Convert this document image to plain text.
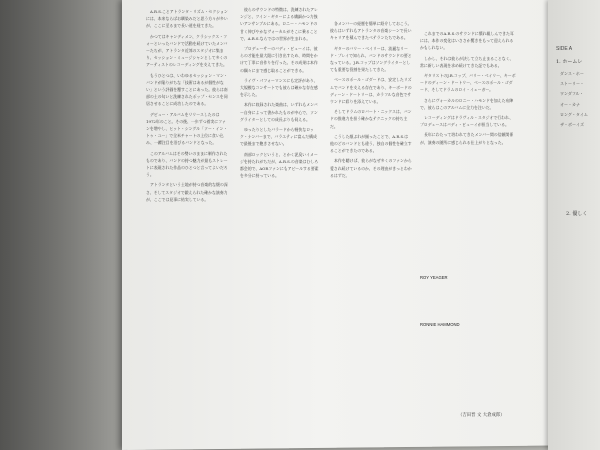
A.R.S.ことアトランタ・リズム・セクションには、本来ならばお馴染みだと思う方々が多いが、ここに至るまで長い道を経てきた。

かつてはキャンディメン、クラシックス・フォーといったバンドで活動を続けていたメンバーたちが、アトランタ近郊のスタジオに集まり、セッション・ミュージシャンとして多くのアーティストのレコーディングを支えてきた。

もうひとつは、いわゆるセッション・マン・バンドが陥りがちな「技術はあるが個性がない」という評価を覆すことにあった。彼らは南部の土の匂いと洗練されたポップ・センスを同居させることに成功したのである。

デビュー・アルバムをリリースしたのは1972年のこと。その後、一歩ずつ着実にファンを増やし、ヒット・シングル「ソー・イン・トゥ・ユー」で全米チャートの上位に食い込み、一躍注目を浴びるバンドとなった。

このアルバムはその勢いのままに制作されたものであり、バンドの持つ魅力が最もストレートに表現された作品のひとつと言ってよいだろう。

アトランタという土地が持つ音楽的な懐の深さ、そしてスタジオで鍛えられた確かな演奏力が、ここでは見事に結実している。

彼らのサウンドの特徴は、洗練されたアレンジと、ツイン・ギターによる繊細かつ力強いアンサンブルにある。ロニー・ハモンドの甘く伸びやかなヴォーカルがそこに乗ることで、A.R.S.ならではの世界が生まれる。

プロデューサーのバディ・ビューイは、彼らの才能を最大限に引き出すため、時間をかけて丁寧に音作りを行った。その成果は本作の隅々にまで感じ取ることができる。

ライヴ・パフォーマンスにも定評があり、大規模なコンサートでも彼らは確かな存在感を示した。

本作に収録された楽曲は、いずれもメンバー自身によって書かれたものが中心で、ソングライターとしての成長ぶりも伺える。

ゆったりとしたバラードから軽快なロック・ナンバーまで、バラエティに富んだ構成で最後まで飽きさせない。

南部ロックというと、とかく泥臭いイメージを持たれがちだが、A.R.S.の音楽はむしろ都会的で、AORファンにもアピールする要素を多分に持っている。

各メンバーの経歴を簡単に紹介しておこう。彼らはいずれもアトランタの音楽シーンで長いキャリアを積んできたベテランたちである。

ギターのバリー・ベイリーは、流麗なリード・プレイで知られ、バンドのサウンドの要となっている。J.R.コッブはソングライターとしても重要な役割を果たしてきた。

ベースのポール・ゴダードは、安定したリズムでバンドを支える存在であり、キーボードのディーン・ドートリーは、カラフルな音色でサウンドに彩りを添えている。

そしてドラムのロバート・ニックスは、バンドの推進力を担う確かなテクニックの持ち主だ。

こうした顔ぶれが揃ったことで、A.R.S.は他のどのバンドとも違う、独自の個性を確立することができたのである。

本作を聴けば、彼らがなぜ多くのファンから愛され続けているのか、その理由がきっとわかるはずだ。

これまでのA.R.S.のサウンドに慣れ親しんできた耳には、本作の変化はいささか驚きをもって迎えられるかもしれない。

しかし、それは彼らが決して立ち止まることなく、常に新しい表現を求め続けてきた証でもある。

ギタリストのJ.R.コッブ、バリー・ベイリー、キーボードのディーン・ドートリー、ベースのポール・ゴダード、そしてドラムのロイ・イェーガー。

さらにヴォーカルのロニー・ハモンドを加えた布陣で、彼らはこのアルバムに全力を注いだ。

レコーディングはドラヴィル・スタジオで行われ、プロデュースはバディ・ビューイが担当している。

長年にわたって培われてきたメンバー間の信頼関係が、演奏の随所に感じられる仕上がりとなった。

SIDE A
1. ホームレ

ダンス・ホー

ストーリー・

ワンダフル・

オー・カナ

ロング・タイム

ザ・ボーイズ

2. 優しく
ROY YEAGER
RONNIE HAMMOND
（吉田晋 文 大倉成郎）
